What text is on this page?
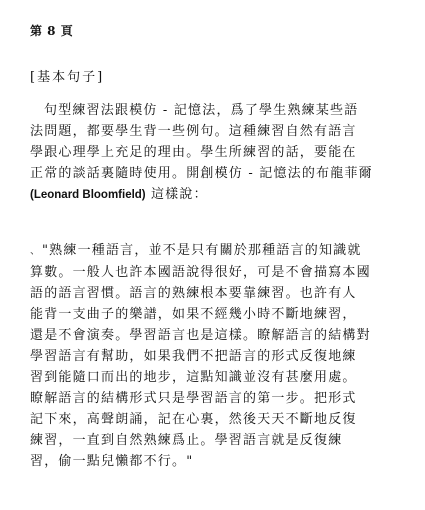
第 8 頁
[基本句子]
句型練習法跟模仿 - 記憶法，爲了學生熟練某些語
法問題，都要學生背一些例句。這種練習自然有語言
學跟心理學上充足的理由。學生所練習的話，要能在
正常的談話裏隨時使用。開創模仿 - 記憶法的布龍菲爾
(Leonard Bloomfield) 這樣說：
、"熟練一種語言，並不是只有關於那種語言的知識就
算數。一般人也許本國語說得很好，可是不會描寫本國
語的語言習慣。語言的熟練根本要靠練習。也許有人
能背一支曲子的樂譜，如果不經幾小時不斷地練習，
還是不會演奏。學習語言也是這樣。瞭解語言的結構對
學習語言有幫助，如果我們不把語言的形式反復地練
習到能隨口而出的地步，這點知識並沒有甚麼用處。
瞭解語言的結構形式只是學習語言的第一步。把形式
記下來，高聲朗誦，記在心裏，然後天天不斷地反復
練習，一直到自然熟練爲止。學習語言就是反復練
習，偷一點兒懶都不行。"
